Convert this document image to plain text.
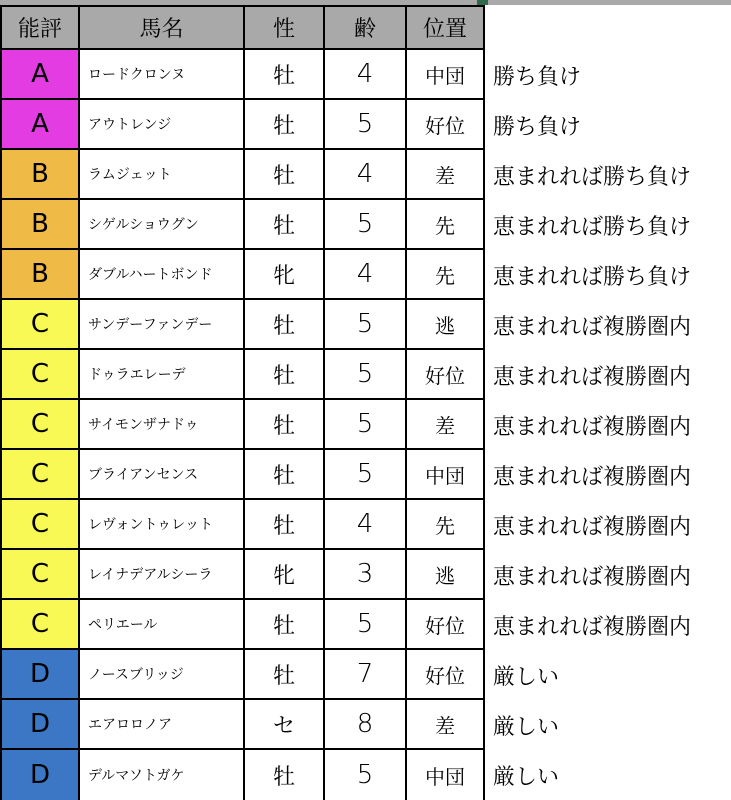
能評	馬名	性	齢	位置
A	ロードクロンヌ	牡	4	中団	勝ち負け
A	アウトレンジ	牡	5	好位	勝ち負け
B	ラムジェット	牡	4	差	恵まれれば勝ち負け
B	シゲルショウグン	牡	5	先	恵まれれば勝ち負け
B	ダブルハートボンド	牝	4	先	恵まれれば勝ち負け
C	サンデーファンデー	牡	5	逃	恵まれれば複勝圏内
C	ドゥラエレーデ	牡	5	好位	恵まれれば複勝圏内
C	サイモンザナドゥ	牡	5	差	恵まれれば複勝圏内
C	ブライアンセンス	牡	5	中団	恵まれれば複勝圏内
C	レヴォントゥレット	牡	4	先	恵まれれば複勝圏内
C	レイナデアルシーラ	牝	3	逃	恵まれれば複勝圏内
C	ペリエール	牡	5	好位	恵まれれば複勝圏内
D	ノースブリッジ	牡	7	好位	厳しい
D	エアロロノア	セ	8	差	厳しい
D	デルマソトガケ	牡	5	中団	厳しい
